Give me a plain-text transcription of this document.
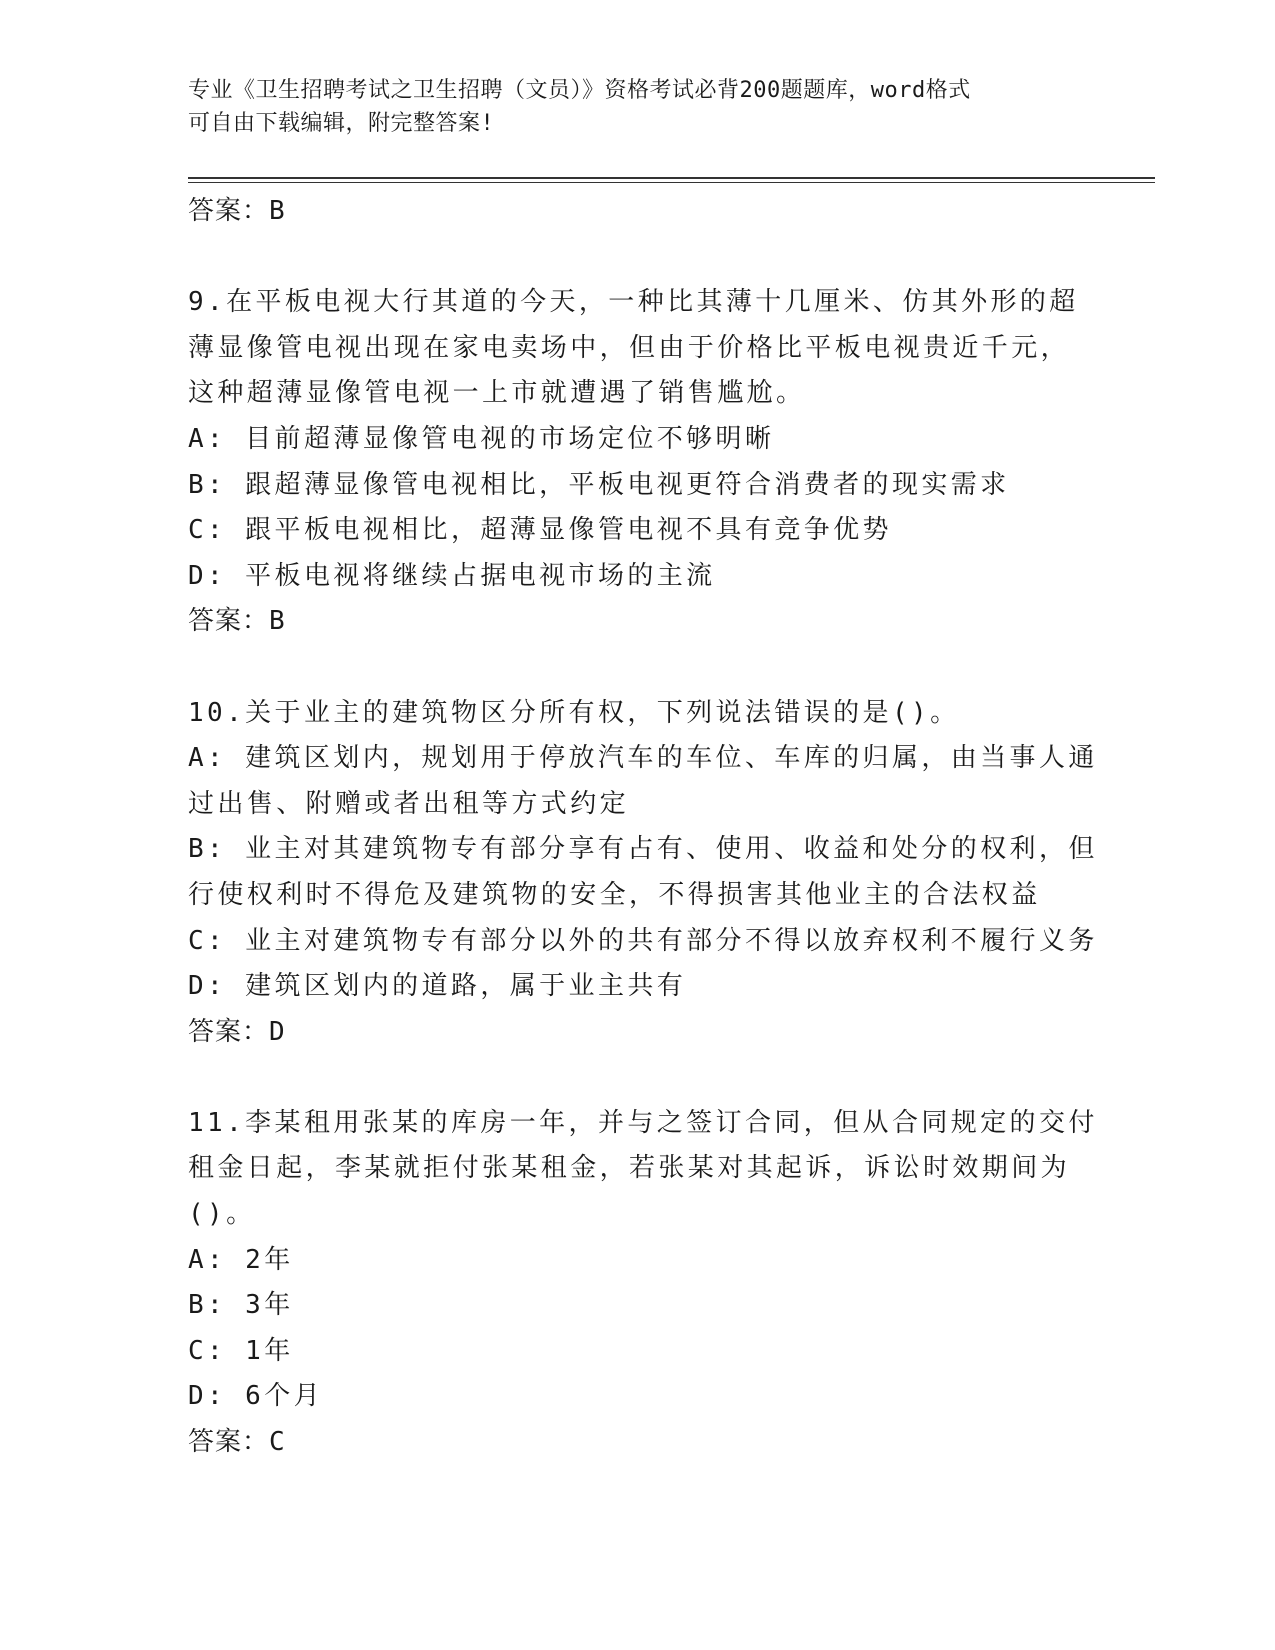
专业《卫生招聘考试之卫生招聘（文员）》资格考试必背200题题库，word格式
可自由下载编辑，附完整答案!
答案：B
9.在平板电视大行其道的今天，一种比其薄十几厘米、仿其外形的超
薄显像管电视出现在家电卖场中，但由于价格比平板电视贵近千元，
这种超薄显像管电视一上市就遭遇了销售尴尬。
A: 目前超薄显像管电视的市场定位不够明晰
B: 跟超薄显像管电视相比，平板电视更符合消费者的现实需求
C: 跟平板电视相比，超薄显像管电视不具有竞争优势
D: 平板电视将继续占据电视市场的主流
答案：B
10.关于业主的建筑物区分所有权，下列说法错误的是()。
A: 建筑区划内，规划用于停放汽车的车位、车库的归属，由当事人通
过出售、附赠或者出租等方式约定
B: 业主对其建筑物专有部分享有占有、使用、收益和处分的权利，但
行使权利时不得危及建筑物的安全，不得损害其他业主的合法权益
C: 业主对建筑物专有部分以外的共有部分不得以放弃权利不履行义务
D: 建筑区划内的道路，属于业主共有
答案：D
11.李某租用张某的库房一年，并与之签订合同，但从合同规定的交付
租金日起，李某就拒付张某租金，若张某对其起诉，诉讼时效期间为
()。
A: 2年
B: 3年
C: 1年
D: 6个月
答案：C
